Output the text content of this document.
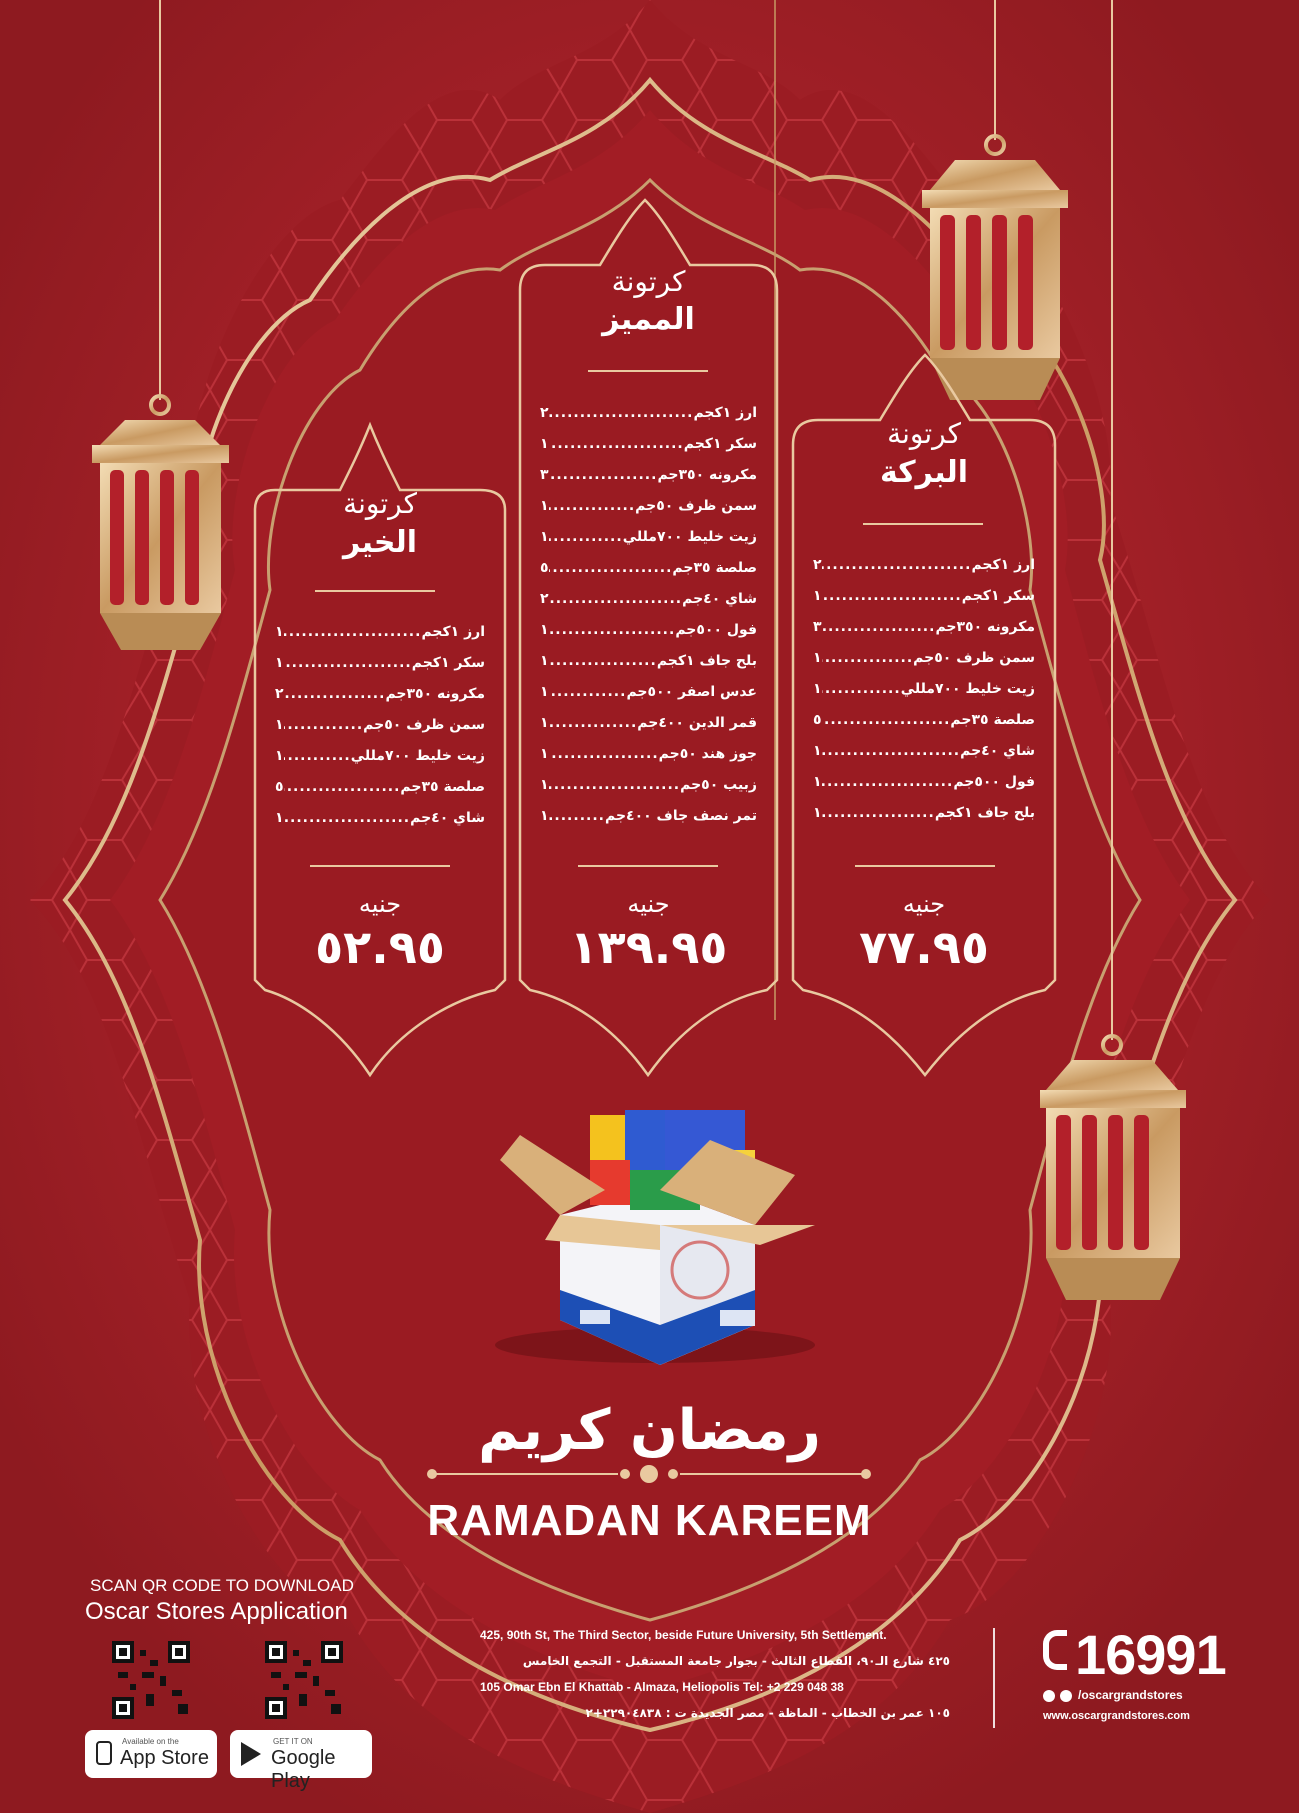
كرتونة
الخير
ارز ١كجم
.....
١
سكر ١كجم
.....
١
مكرونه ٣٥٠جم
.....
٢
سمن ظرف ٥٠جم
.....
١
زيت خليط ٧٠٠مللي
.....
١
صلصة ٣٥جم
.....
٥
شاي ٤٠جم
.....
١
جنيه
٥٢.٩٥
كرتونة
المميز
ارز ١كجم
.....
٢
سكر ١كجم
.....
١
مكرونه ٣٥٠جم
.....
٣
سمن ظرف ٥٠جم
.....
١
زيت خليط ٧٠٠مللي
.....
١
صلصة ٣٥جم
.....
٥
شاي ٤٠جم
.....
٢
فول ٥٠٠جم
.....
١
بلح جاف ١كجم
.....
١
عدس اصفر ٥٠٠جم
.....
١
قمر الدين ٤٠٠جم
.....
١
جوز هند ٥٠جم
.....
١
زبيب ٥٠جم
.....
١
تمر نصف جاف ٤٠٠جم
.....
١
جنيه
١٣٩.٩٥
كرتونة
البركة
ارز ١كجم
.....
٢
سكر ١كجم
.....
١
مكرونه ٣٥٠جم
.....
٣
سمن ظرف ٥٠جم
.....
١
زيت خليط ٧٠٠مللي
.....
١
صلصة ٣٥جم
.....
٥
شاي ٤٠جم
.....
١
فول ٥٠٠جم
.....
١
بلح جاف ١كجم
.....
١
جنيه
٧٧.٩٥
رمضان كريم
RAMADAN KAREEM
SCAN QR CODE TO DOWNLOAD
Oscar Stores Application
Available on the
App Store
GET IT ON
Google Play
425, 90th St, The Third Sector, beside Future University, 5th Settlement.
٤٢٥ شارع الـ٩٠، القطاع الثالث - بجوار جامعة المستقبل - التجمع الخامس
105 Omar Ebn El Khattab - Almaza, Heliopolis Tel: +2 229 048 38
١٠٥ عمر بن الخطاب - الماظة - مصر الجديدة ت : ٢٢٩٠٤٨٣٨+٢
16991
/oscargrandstores
www.oscargrandstores.com
